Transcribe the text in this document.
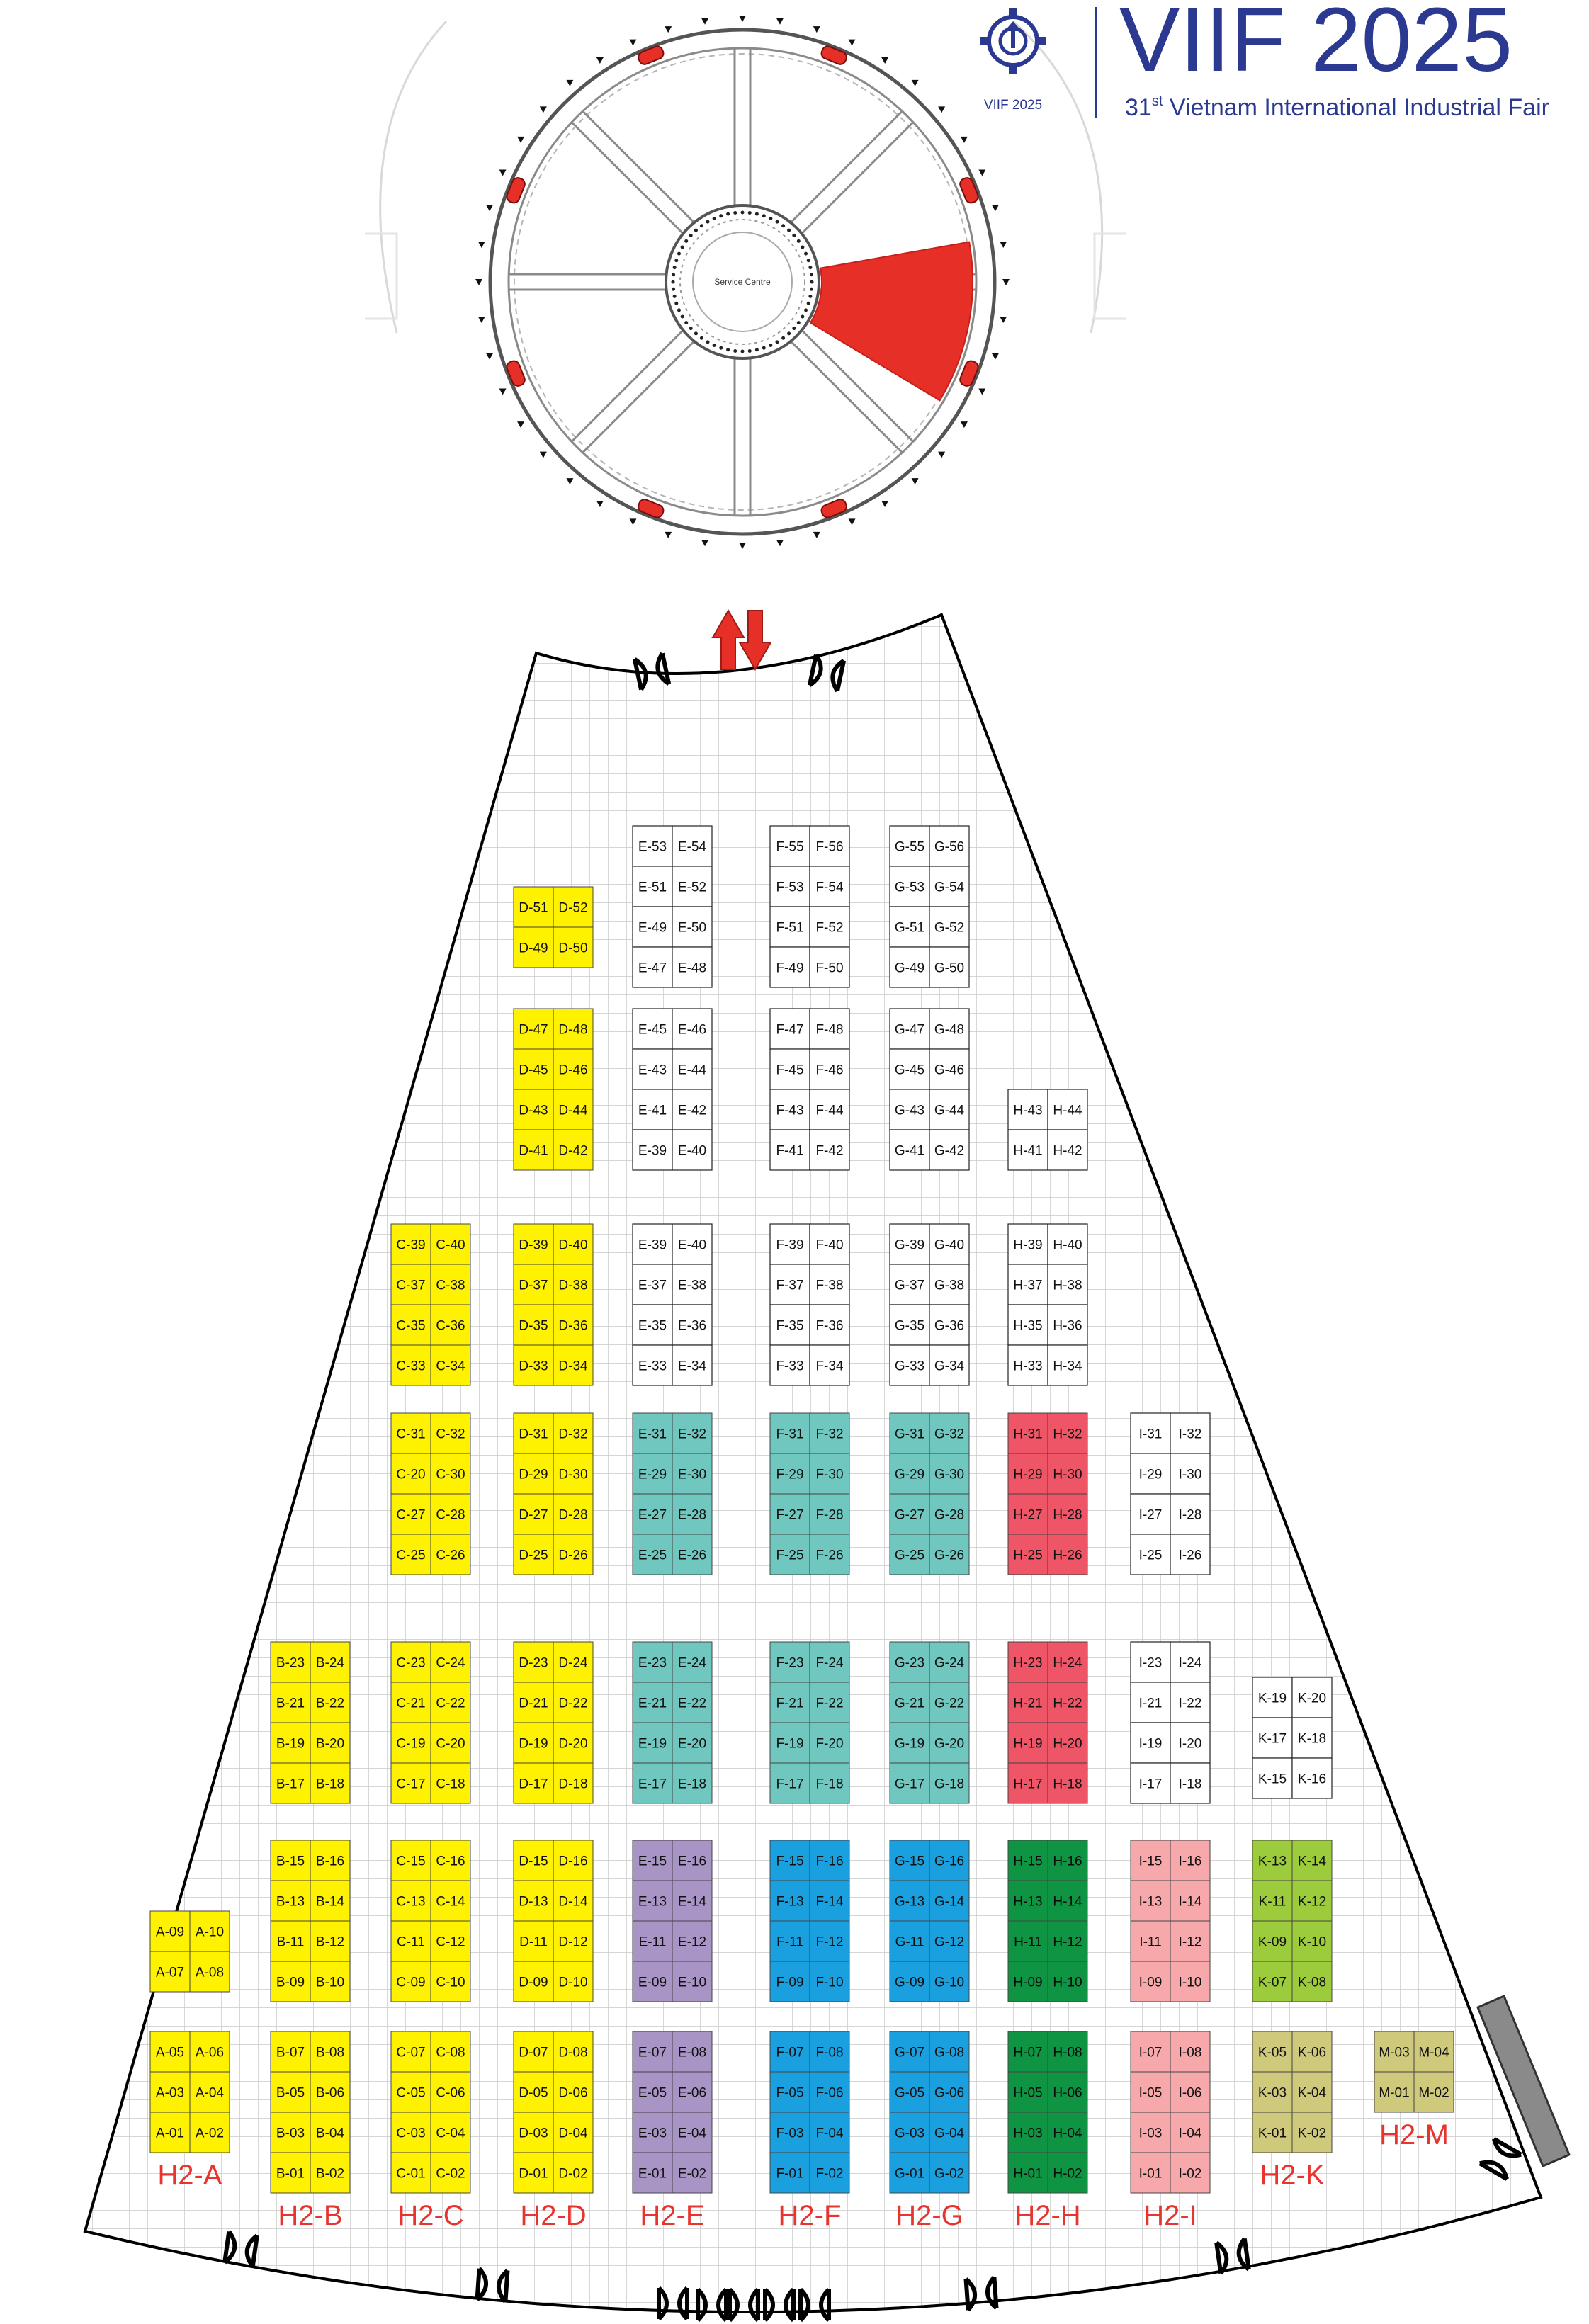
Service Centre
VIIF 2025
VIIF 2025
31st Vietnam International Industrial Fair
A-09 A-10
A-07 A-08
A-05 A-06
A-03 A-04
A-01 A-02
B-23 B-24
B-21 B-22
B-19 B-20
B-17 B-18
B-15 B-16
B-13 B-14
B-11 B-12
B-09 B-10
B-07 B-08
B-05 B-06
B-03 B-04
B-01 B-02
C-39 C-40
C-37 C-38
C-35 C-36
C-33 C-34
C-31 C-32
C-20 C-30
C-27 C-28
C-25 C-26
C-23 C-24
C-21 C-22
C-19 C-20
C-17 C-18
C-15 C-16
C-13 C-14
C-11 C-12
C-09 C-10
C-07 C-08
C-05 C-06
C-03 C-04
C-01 C-02
D-51 D-52
D-49 D-50
D-47 D-48
D-45 D-46
D-43 D-44
D-41 D-42
D-39 D-40
D-37 D-38
D-35 D-36
D-33 D-34
D-31 D-32
D-29 D-30
D-27 D-28
D-25 D-26
D-23 D-24
D-21 D-22
D-19 D-20
D-17 D-18
D-15 D-16
D-13 D-14
D-11 D-12
D-09 D-10
D-07 D-08
D-05 D-06
D-03 D-04
D-01 D-02
E-53 E-54
E-51 E-52
E-49 E-50
E-47 E-48
E-45 E-46
E-43 E-44
E-41 E-42
E-39 E-40
E-39 E-40
E-37 E-38
E-35 E-36
E-33 E-34
E-31 E-32
E-29 E-30
E-27 E-28
E-25 E-26
E-23 E-24
E-21 E-22
E-19 E-20
E-17 E-18
E-15 E-16
E-13 E-14
E-11 E-12
E-09 E-10
E-07 E-08
E-05 E-06
E-03 E-04
E-01 E-02
F-55 F-56
F-53 F-54
F-51 F-52
F-49 F-50
F-47 F-48
F-45 F-46
F-43 F-44
F-41 F-42
F-39 F-40
F-37 F-38
F-35 F-36
F-33 F-34
F-31 F-32
F-29 F-30
F-27 F-28
F-25 F-26
F-23 F-24
F-21 F-22
F-19 F-20
F-17 F-18
F-15 F-16
F-13 F-14
F-11 F-12
F-09 F-10
F-07 F-08
F-05 F-06
F-03 F-04
F-01 F-02
G-55 G-56
G-53 G-54
G-51 G-52
G-49 G-50
G-47 G-48
G-45 G-46
G-43 G-44
G-41 G-42
G-39 G-40
G-37 G-38
G-35 G-36
G-33 G-34
G-31 G-32
G-29 G-30
G-27 G-28
G-25 G-26
G-23 G-24
G-21 G-22
G-19 G-20
G-17 G-18
G-15 G-16
G-13 G-14
G-11 G-12
G-09 G-10
G-07 G-08
G-05 G-06
G-03 G-04
G-01 G-02
H-43 H-44
H-41 H-42
H-39 H-40
H-37 H-38
H-35 H-36
H-33 H-34
H-31 H-32
H-29 H-30
H-27 H-28
H-25 H-26
H-23 H-24
H-21 H-22
H-19 H-20
H-17 H-18
H-15 H-16
H-13 H-14
H-11 H-12
H-09 H-10
H-07 H-08
H-05 H-06
H-03 H-04
H-01 H-02
I-31 I-32
I-29 I-30
I-27 I-28
I-25 I-26
I-23 I-24
I-21 I-22
I-19 I-20
I-17 I-18
I-15 I-16
I-13 I-14
I-11 I-12
I-09 I-10
I-07 I-08
I-05 I-06
I-03 I-04
I-01 I-02
K-19 K-20
K-17 K-18
K-15 K-16
K-13 K-14
K-11 K-12
K-09 K-10
K-07 K-08
K-05 K-06
K-03 K-04
K-01 K-02
M-03 M-04
M-01 M-02
H2-A
H2-B H2-C H2-D H2-E	H2-F H2-G H2-H H2-I
H2-K
H2-M
